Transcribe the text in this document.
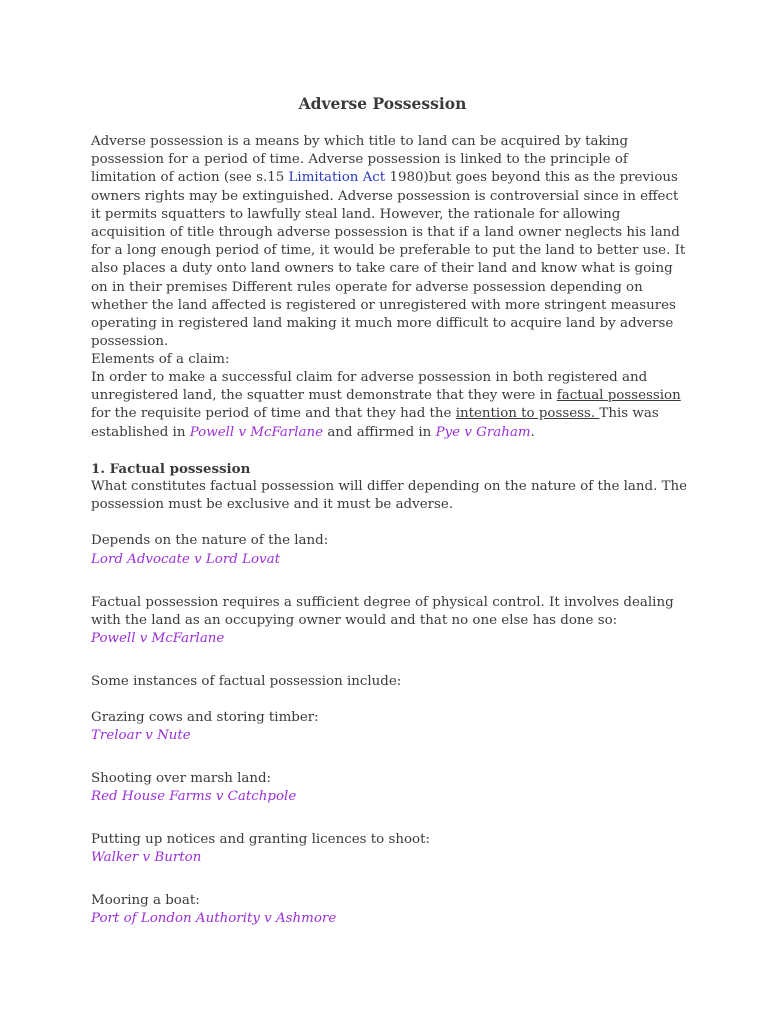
Adverse Possession

Adverse possession is a means by which title to land can be acquired by taking possession for a period of time. Adverse possession is linked to the principle of limitation of action (see s.15 Limitation Act 1980)but goes beyond this as the previous owners rights may be extinguished. Adverse possession is controversial since in effect it permits squatters to lawfully steal land. However, the rationale for allowing acquisition of title through adverse possession is that if a land owner neglects his land for a long enough period of time, it would be preferable to put the land to better use. It also places a duty onto land owners to take care of their land and know what is going on in their premises Different rules operate for adverse possession depending on whether the land affected is registered or unregistered with more stringent measures operating in registered land making it much more difficult to acquire land by adverse possession.

Elements of a claim:

In order to make a successful claim for adverse possession in both registered and unregistered land, the squatter must demonstrate that they were in factual possession for the requisite period of time and that they had the intention to possess. This was established in Powell v McFarlane and affirmed in Pye v Graham.

1. Factual possession

What constitutes factual possession will differ depending on the nature of the land. The possession must be exclusive and it must be adverse.

Depends on the nature of the land:

Lord Advocate v Lord Lovat

Factual possession requires a sufficient degree of physical control. It involves dealing with the land as an occupying owner would and that no one else has done so:

Powell v McFarlane

Some instances of factual possession include:

Grazing cows and storing timber:

Treloar v Nute

Shooting over marsh land:

Red House Farms v Catchpole

Putting up notices and granting licences to shoot:

Walker v Burton

Mooring a boat:

Port of London Authority v Ashmore
